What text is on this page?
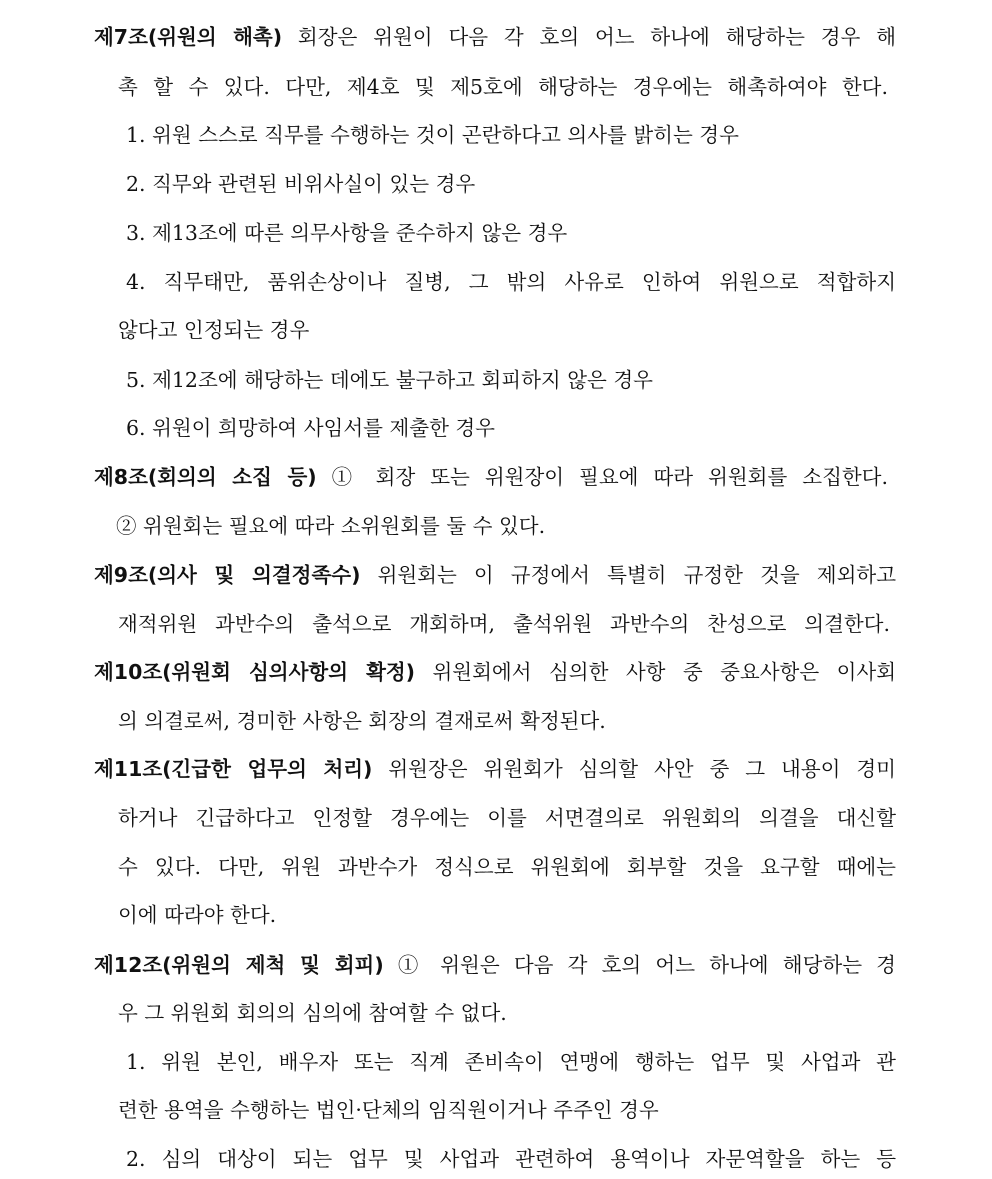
제7조(위원의 해촉) 회장은 위원이 다음 각 호의 어느 하나에 해당하는 경우 해
촉 할 수 있다. 다만, 제4호 및 제5호에 해당하는 경우에는 해촉하여야 한다.
1. 위원 스스로 직무를 수행하는 것이 곤란하다고 의사를 밝히는 경우
2. 직무와 관련된 비위사실이 있는 경우
3. 제13조에 따른 의무사항을 준수하지 않은 경우
4. 직무태만, 품위손상이나 질병, 그 밖의 사유로 인하여 위원으로 적합하지
않다고 인정되는 경우
5. 제12조에 해당하는 데에도 불구하고 회피하지 않은 경우
6. 위원이 희망하여 사임서를 제출한 경우
제8조(회의의 소집 등) ① 회장 또는 위원장이 필요에 따라 위원회를 소집한다.
② 위원회는 필요에 따라 소위원회를 둘 수 있다.
제9조(의사 및 의결정족수) 위원회는 이 규정에서 특별히 규정한 것을 제외하고
재적위원 과반수의 출석으로 개회하며, 출석위원 과반수의 찬성으로 의결한다.
제10조(위원회 심의사항의 확정) 위원회에서 심의한 사항 중 중요사항은 이사회
의 의결로써, 경미한 사항은 회장의 결재로써 확정된다.
제11조(긴급한 업무의 처리) 위원장은 위원회가 심의할 사안 중 그 내용이 경미
하거나 긴급하다고 인정할 경우에는 이를 서면결의로 위원회의 의결을 대신할
수 있다. 다만, 위원 과반수가 정식으로 위원회에 회부할 것을 요구할 때에는
이에 따라야 한다.
제12조(위원의 제척 및 회피) ① 위원은 다음 각 호의 어느 하나에 해당하는 경
우 그 위원회 회의의 심의에 참여할 수 없다.
1. 위원 본인, 배우자 또는 직계 존비속이 연맹에 행하는 업무 및 사업과 관
련한 용역을 수행하는 법인·단체의 임직원이거나 주주인 경우
2. 심의 대상이 되는 업무 및 사업과 관련하여 용역이나 자문역할을 하는 등
